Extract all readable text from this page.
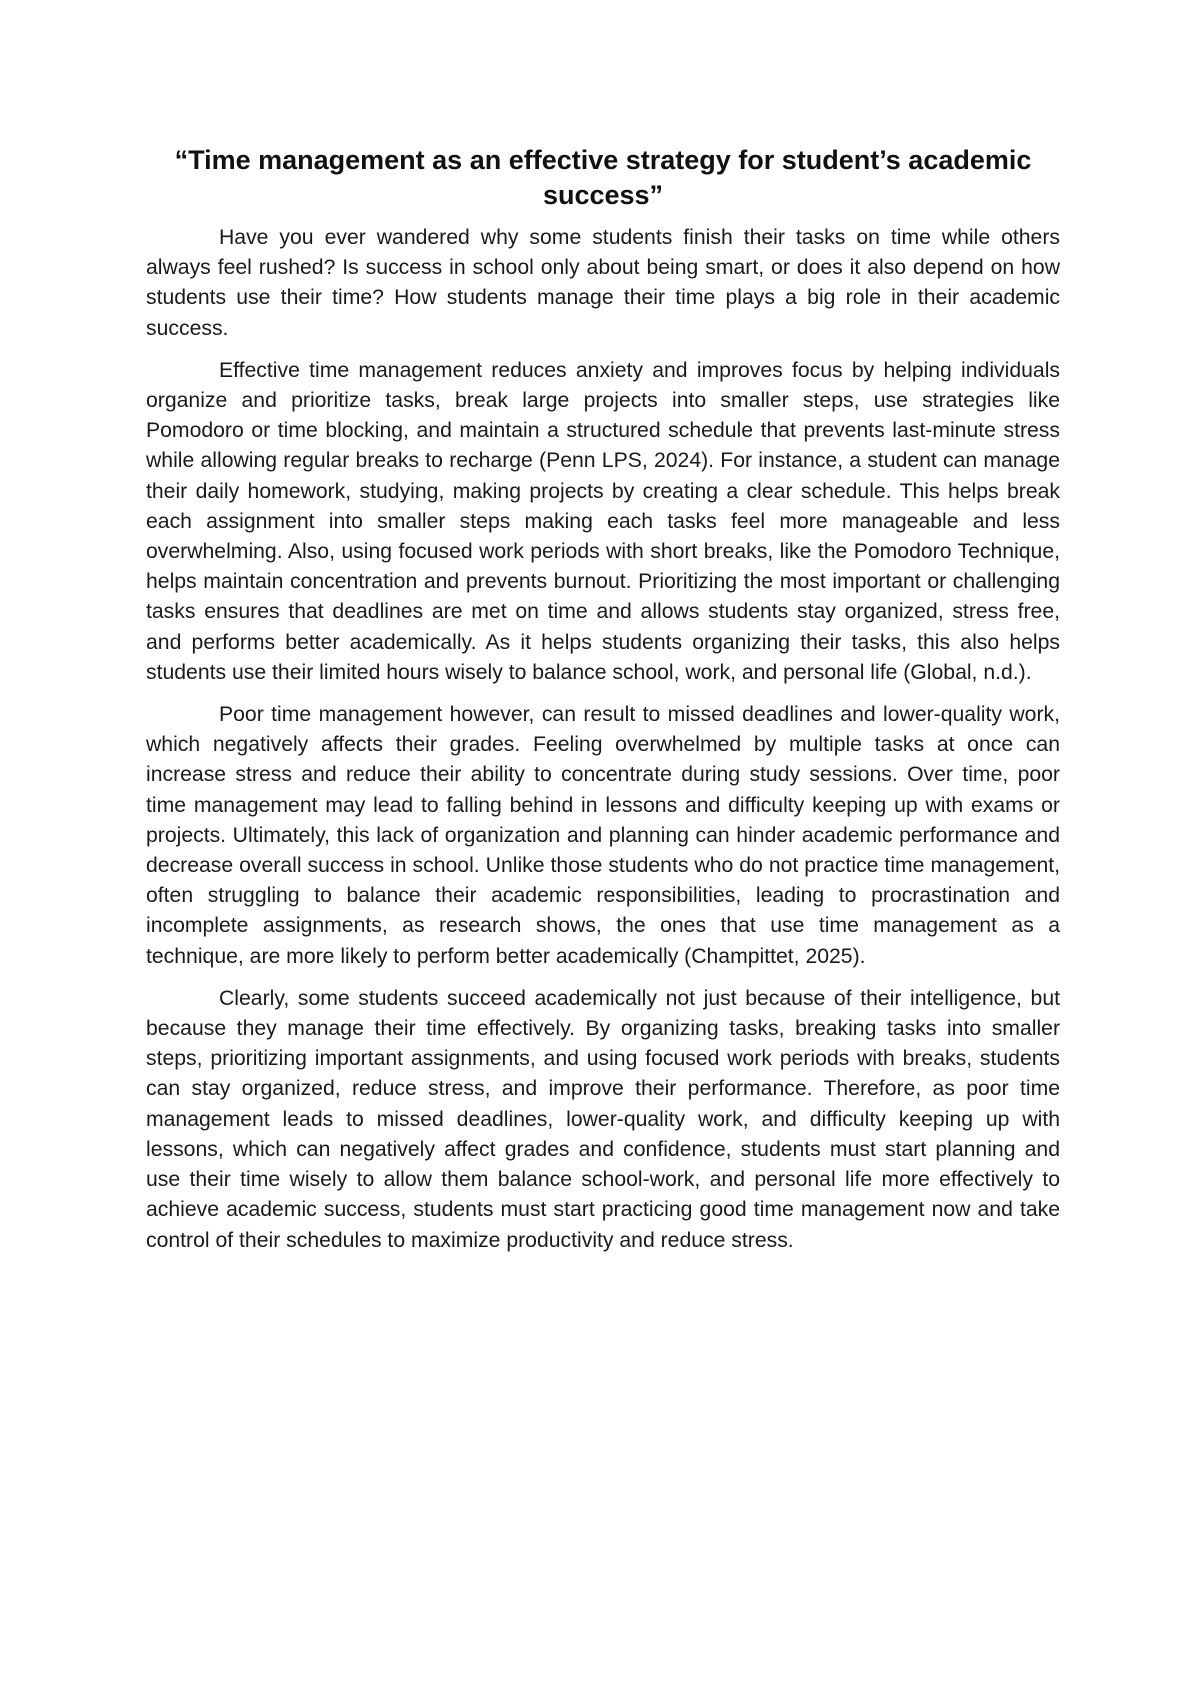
“Time management as an effective strategy for student’s academic success”

Have you ever wandered why some students finish their tasks on time while others always feel rushed? Is success in school only about being smart, or does it also depend on how students use their time? How students manage their time plays a big role in their academic success.

Effective time management reduces anxiety and improves focus by helping individuals organize and prioritize tasks, break large projects into smaller steps, use strategies like Pomodoro or time blocking, and maintain a structured schedule that prevents last-minute stress while allowing regular breaks to recharge (Penn LPS, 2024). For instance, a student can manage their daily homework, studying, making projects by creating a clear schedule. This helps break each assignment into smaller steps making each tasks feel more manageable and less overwhelming. Also, using focused work periods with short breaks, like the Pomodoro Technique, helps maintain concentration and prevents burnout. Prioritizing the most important or challenging tasks ensures that deadlines are met on time and allows students stay organized, stress free, and performs better academically. As it helps students organizing their tasks, this also helps students use their limited hours wisely to balance school, work, and personal life (Global, n.d.).

Poor time management however, can result to missed deadlines and lower-quality work, which negatively affects their grades. Feeling overwhelmed by multiple tasks at once can increase stress and reduce their ability to concentrate during study sessions. Over time, poor time management may lead to falling behind in lessons and difficulty keeping up with exams or projects. Ultimately, this lack of organization and planning can hinder academic performance and decrease overall success in school. Unlike those students who do not practice time management, often struggling to balance their academic responsibilities, leading to procrastination and incomplete assignments, as research shows, the ones that use time management as a technique, are more likely to perform better academically (Champittet, 2025).

Clearly, some students succeed academically not just because of their intelligence, but because they manage their time effectively. By organizing tasks, breaking tasks into smaller steps, prioritizing important assignments, and using focused work periods with breaks, students can stay organized, reduce stress, and improve their performance. Therefore, as poor time management leads to missed deadlines, lower-quality work, and difficulty keeping up with lessons, which can negatively affect grades and confidence, students must start planning and use their time wisely to allow them balance school-work, and personal life more effectively to achieve academic success, students must start practicing good time management now and take control of their schedules to maximize productivity and reduce stress.
